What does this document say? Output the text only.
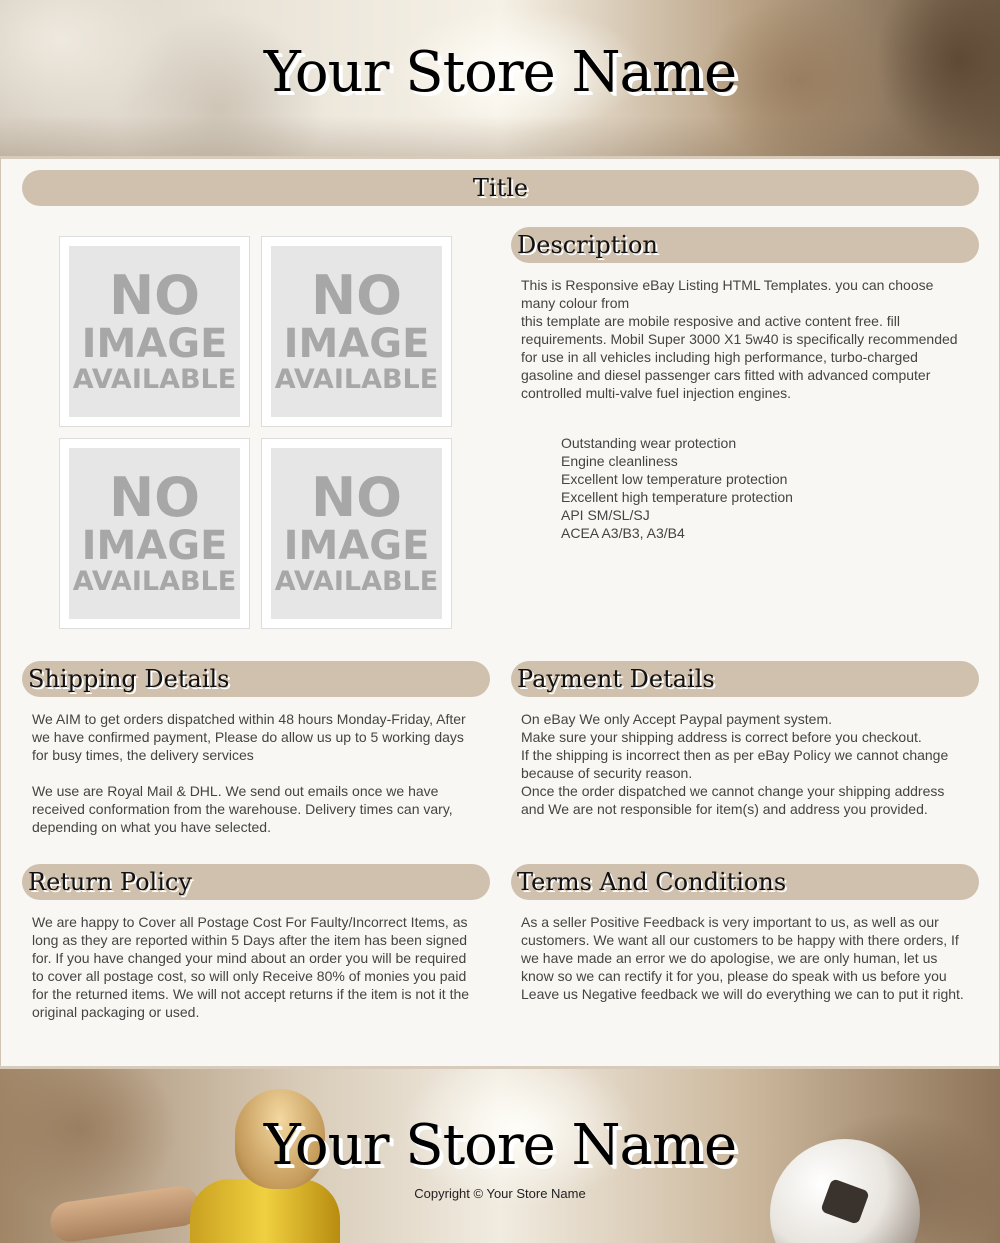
Your Store Name
Title
NO
IMAGE
AVAILABLE
NO
IMAGE
AVAILABLE
NO
IMAGE
AVAILABLE
NO
IMAGE
AVAILABLE
Description

This is Responsive eBay Listing HTML Templates. you can choose

many colour from

this template are mobile resposive and active content free. fill

requirements. Mobil Super 3000 X1 5w40 is specifically recommended

for use in all vehicles including high performance, turbo-charged

gasoline and diesel passenger cars fitted with advanced computer

controlled multi-valve fuel injection engines.

Outstanding wear protection
Engine cleanliness
Excellent low temperature protection
Excellent high temperature protection
API SM/SL/SJ
ACEA A3/B3, A3/B4
Shipping Details

We AIM to get orders dispatched within 48 hours Monday-Friday, After

we have confirmed payment, Please do allow us up to 5 working days

for busy times, the delivery services

We use are Royal Mail & DHL. We send out emails once we have

received conformation from the warehouse. Delivery times can vary,

depending on what you have selected.

Payment Details

On eBay We only Accept Paypal payment system.

Make sure your shipping address is correct before you checkout.

If the shipping is incorrect then as per eBay Policy we cannot change

because of security reason.

Once the order dispatched we cannot change your shipping address

and We are not responsible for item(s) and address you provided.

Return Policy

We are happy to Cover all Postage Cost For Faulty/Incorrect Items, as

long as they are reported within 5 Days after the item has been signed

for. If you have changed your mind about an order you will be required

to cover all postage cost, so will only Receive 80% of monies you paid

for the returned items. We will not accept returns if the item is not it the

original packaging or used.

Terms And Conditions

As a seller Positive Feedback is very important to us, as well as our

customers. We want all our customers to be happy with there orders, If

we have made an error we do apologise, we are only human, let us

know so we can rectify it for you, please do speak with us before you

Leave us Negative feedback we will do everything we can to put it right.

Your Store Name
Copyright © Your Store Name
